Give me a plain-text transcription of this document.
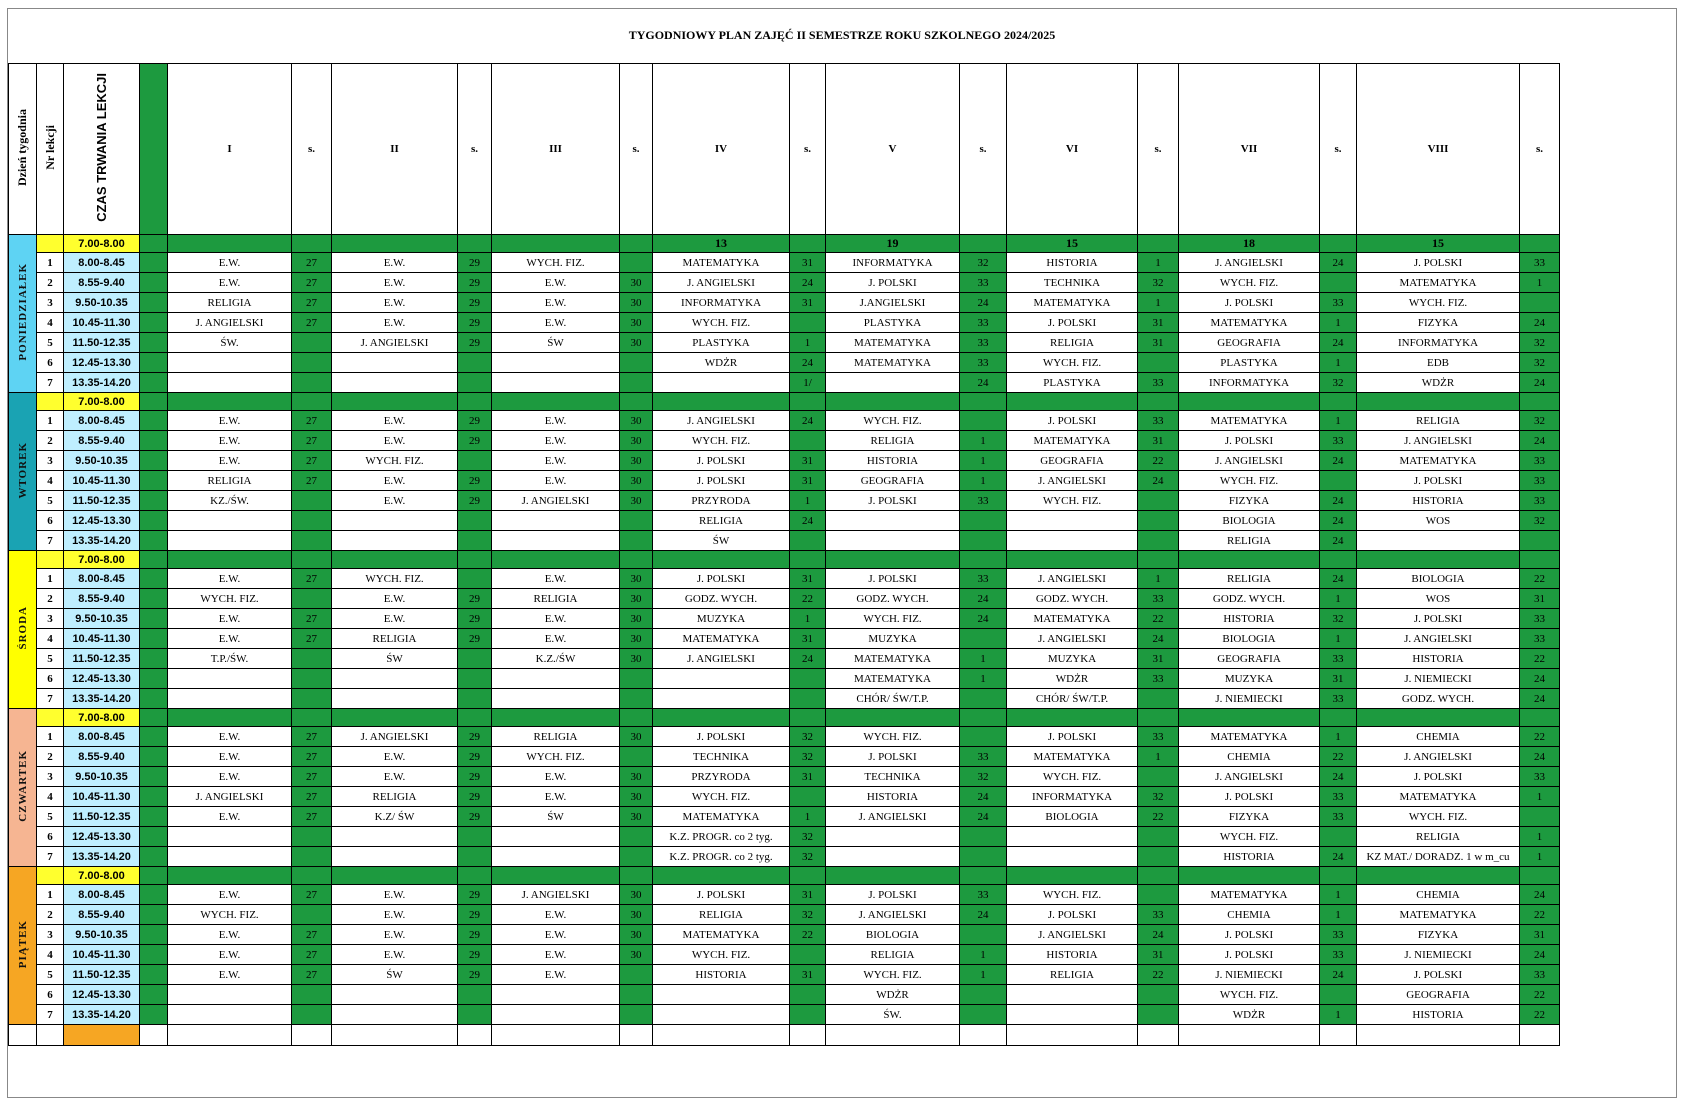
TYGODNIOWY PLAN ZAJĘĆ II SEMESTRZE ROKU SZKOLNEGO 2024/2025
Dzień tygodnia	Nr lekcji	CZAS TRWANIA LEKCJI		I	s.	II	s.	III	s.	IV	s.	V	s.	VI	s.	VII	s.	VIII	s.
PONIEDZIAŁEK		7.00-8.00								13		19		15		18		15	
	1	8.00-8.45		E.W.	27	E.W.	29	WYCH. FIZ.		MATEMATYKA	31	INFORMATYKA	32	HISTORIA	1	J. ANGIELSKI	24	J. POLSKI	33
	2	8.55-9.40		E.W.	27	E.W.	29	E.W.	30	J. ANGIELSKI	24	J. POLSKI	33	TECHNIKA	32	WYCH. FIZ.		MATEMATYKA	1
	3	9.50-10.35		RELIGIA	27	E.W.	29	E.W.	30	INFORMATYKA	31	J.ANGIELSKI	24	MATEMATYKA	1	J. POLSKI	33	WYCH. FIZ.	
	4	10.45-11.30		J. ANGIELSKI	27	E.W.	29	E.W.	30	WYCH. FIZ.		PLASTYKA	33	J. POLSKI	31	MATEMATYKA	1	FIZYKA	24
	5	11.50-12.35		ŚW.		J. ANGIELSKI	29	ŚW	30	PLASTYKA	1	MATEMATYKA	33	RELIGIA	31	GEOGRAFIA	24	INFORMATYKA	32
	6	12.45-13.30								WDŻR	24	MATEMATYKA	33	WYCH. FIZ.		PLASTYKA	1	EDB	32
	7	13.35-14.20									1/		24	PLASTYKA	33	INFORMATYKA	32	WDŻR	24
WTOREK		7.00-8.00																	
	1	8.00-8.45		E.W.	27	E.W.	29	E.W.	30	J. ANGIELSKI	24	WYCH. FIZ.		J. POLSKI	33	MATEMATYKA	1	RELIGIA	32
	2	8.55-9.40		E.W.	27	E.W.	29	E.W.	30	WYCH. FIZ.		RELIGIA	1	MATEMATYKA	31	J. POLSKI	33	J. ANGIELSKI	24
	3	9.50-10.35		E.W.	27	WYCH. FIZ.		E.W.	30	J. POLSKI	31	HISTORIA	1	GEOGRAFIA	22	J. ANGIELSKI	24	MATEMATYKA	33
	4	10.45-11.30		RELIGIA	27	E.W.	29	E.W.	30	J. POLSKI	31	GEOGRAFIA	1	J. ANGIELSKI	24	WYCH. FIZ.		J. POLSKI	33
	5	11.50-12.35		KZ./ŚW.		E.W.	29	J. ANGIELSKI	30	PRZYRODA	1	J. POLSKI	33	WYCH. FIZ.		FIZYKA	24	HISTORIA	33
	6	12.45-13.30								RELIGIA	24					BIOLOGIA	24	WOS	32
	7	13.35-14.20								ŚW						RELIGIA	24		
ŚRODA		7.00-8.00																	
	1	8.00-8.45		E.W.	27	WYCH. FIZ.		E.W.	30	J. POLSKI	31	J. POLSKI	33	J. ANGIELSKI	1	RELIGIA	24	BIOLOGIA	22
	2	8.55-9.40		WYCH. FIZ.		E.W.	29	RELIGIA	30	GODZ. WYCH.	22	GODZ. WYCH.	24	GODZ. WYCH.	33	GODZ. WYCH.	1	WOS	31
	3	9.50-10.35		E.W.	27	E.W.	29	E.W.	30	MUZYKA	1	WYCH. FIZ.	24	MATEMATYKA	22	HISTORIA	32	J. POLSKI	33
	4	10.45-11.30		E.W.	27	RELIGIA	29	E.W.	30	MATEMATYKA	31	MUZYKA		J. ANGIELSKI	24	BIOLOGIA	1	J. ANGIELSKI	33
	5	11.50-12.35		T.P./ŚW.		ŚW		K.Z./ŚW	30	J. ANGIELSKI	24	MATEMATYKA	1	MUZYKA	31	GEOGRAFIA	33	HISTORIA	22
	6	12.45-13.30										MATEMATYKA	1	WDŻR	33	MUZYKA	31	J. NIEMIECKI	24
	7	13.35-14.20										CHÓR/ ŚW/T.P.		CHÓR/ ŚW/T.P.		J. NIEMIECKI	33	GODZ. WYCH.	24
CZWARTEK		7.00-8.00																	
	1	8.00-8.45		E.W.	27	J. ANGIELSKI	29	RELIGIA	30	J. POLSKI	32	WYCH. FIZ.		J. POLSKI	33	MATEMATYKA	1	CHEMIA	22
	2	8.55-9.40		E.W.	27	E.W.	29	WYCH. FIZ.		TECHNIKA	32	J. POLSKI	33	MATEMATYKA	1	CHEMIA	22	J. ANGIELSKI	24
	3	9.50-10.35		E.W.	27	E.W.	29	E.W.	30	PRZYRODA	31	TECHNIKA	32	WYCH. FIZ.		J. ANGIELSKI	24	J. POLSKI	33
	4	10.45-11.30		J. ANGIELSKI	27	RELIGIA	29	E.W.	30	WYCH. FIZ.		HISTORIA	24	INFORMATYKA	32	J. POLSKI	33	MATEMATYKA	1
	5	11.50-12.35		E.W.	27	K.Z/ ŚW	29	ŚW	30	MATEMATYKA	1	J. ANGIELSKI	24	BIOLOGIA	22	FIZYKA	33	WYCH. FIZ.	
	6	12.45-13.30								K.Z. PROGR. co 2 tyg.	32					WYCH. FIZ.		RELIGIA	1
	7	13.35-14.20								K.Z. PROGR. co 2 tyg.	32					HISTORIA	24	KZ MAT./ DORADZ. 1 w m_cu	1
PIĄTEK		7.00-8.00																	
	1	8.00-8.45		E.W.	27	E.W.	29	J. ANGIELSKI	30	J. POLSKI	31	J. POLSKI	33	WYCH. FIZ.		MATEMATYKA	1	CHEMIA	24
	2	8.55-9.40		WYCH. FIZ.		E.W.	29	E.W.	30	RELIGIA	32	J. ANGIELSKI	24	J. POLSKI	33	CHEMIA	1	MATEMATYKA	22
	3	9.50-10.35		E.W.	27	E.W.	29	E.W.	30	MATEMATYKA	22	BIOLOGIA		J. ANGIELSKI	24	J. POLSKI	33	FIZYKA	31
	4	10.45-11.30		E.W.	27	E.W.	29	E.W.	30	WYCH. FIZ.		RELIGIA	1	HISTORIA	31	J. POLSKI	33	J. NIEMIECKI	24
	5	11.50-12.35		E.W.	27	ŚW	29	E.W.		HISTORIA	31	WYCH. FIZ.	1	RELIGIA	22	J. NIEMIECKI	24	J. POLSKI	33
	6	12.45-13.30										WDŻR				WYCH. FIZ.		GEOGRAFIA	22
	7	13.35-14.20										ŚW.				WDŻR	1	HISTORIA	22
